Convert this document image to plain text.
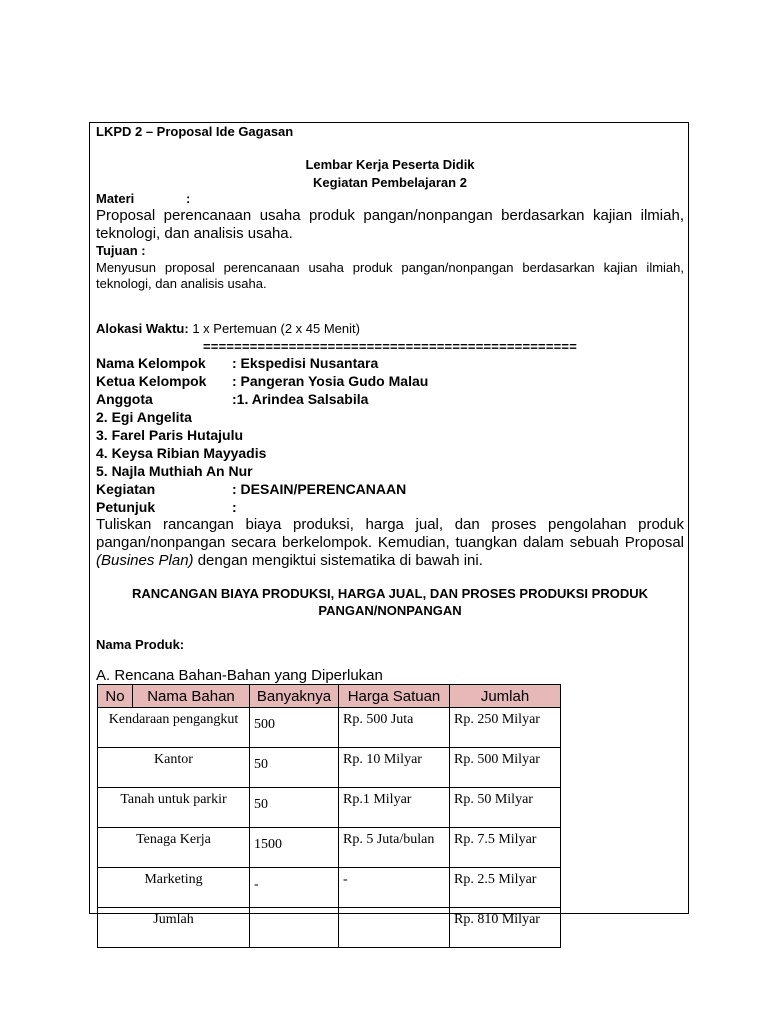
LKPD 2 – Proposal Ide Gagasan
Lembar Kerja Peserta Didik
Kegiatan Pembelajaran 2
Materi	:
Proposal perencanaan usaha produk pangan/nonpangan berdasarkan kajian ilmiah,
teknologi, dan analisis usaha.
Tujuan :
Menyusun proposal perencanaan usaha produk pangan/nonpangan berdasarkan kajian ilmiah,
teknologi, dan analisis usaha.
Alokasi Waktu: 1 x Pertemuan (2 x 45 Menit)
================================================
Nama Kelompok : Ekspedisi Nusantara
Ketua Kelompok : Pangeran Yosia Gudo Malau
Anggota	:1. Arindea Salsabila
2. Egi Angelita
3. Farel Paris Hutajulu
4. Keysa Ribian Mayyadis
5. Najla Muthiah An Nur
Kegiatan	: DESAIN/PERENCANAAN
Petunjuk	:
Tuliskan rancangan biaya produksi, harga jual, dan proses pengolahan produk
pangan/nonpangan secara berkelompok. Kemudian, tuangkan dalam sebuah Proposal
(Busines Plan) dengan mengiktui sistematika di bawah ini.
RANCANGAN BIAYA PRODUKSI, HARGA JUAL, DAN PROSES PRODUKSI PRODUK
PANGAN/NONPANGAN
Nama Produk:
A. Rencana Bahan-Bahan yang Diperlukan
No	Nama Bahan	Banyaknya	Harga Satuan	Jumlah
Kendaraan pengangkut		500	Rp. 500 Juta	Rp. 250 Milyar
Kantor		50	Rp. 10 Milyar	Rp. 500 Milyar
Tanah untuk parkir		50	Rp.1 Milyar	Rp. 50 Milyar
Tenaga Kerja		1500	Rp. 5 Juta/bulan	Rp. 7.5 Milyar
Marketing		-	-	Rp. 2.5 Milyar
Jumlah				Rp. 810 Milyar
